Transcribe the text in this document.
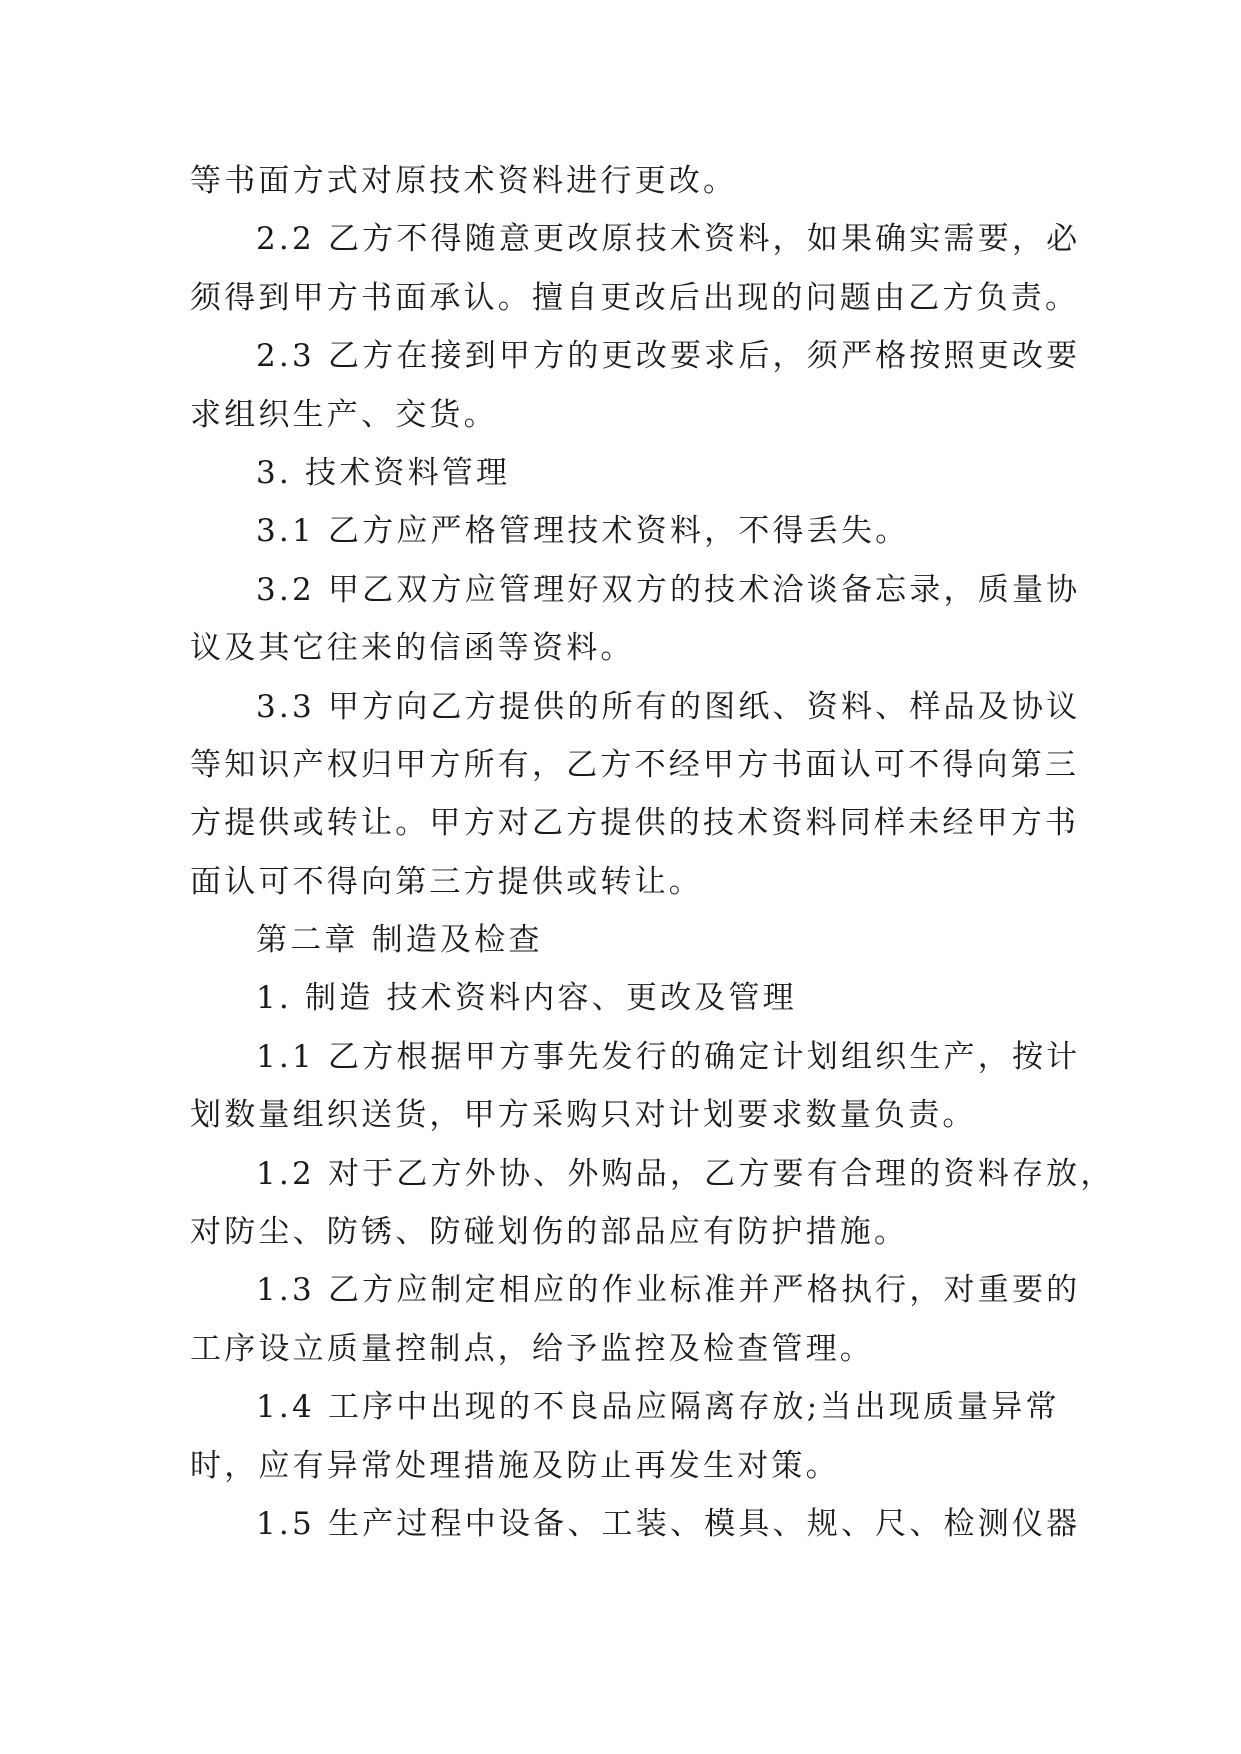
等书面方式对原技术资料进行更改。
2.2 乙方不得随意更改原技术资料，如果确实需要，必
须得到甲方书面承认。擅自更改后出现的问题由乙方负责。
2.3 乙方在接到甲方的更改要求后，须严格按照更改要
求组织生产、交货。
3. 技术资料管理
3.1 乙方应严格管理技术资料，不得丢失。
3.2 甲乙双方应管理好双方的技术洽谈备忘录，质量协
议及其它往来的信函等资料。
3.3 甲方向乙方提供的所有的图纸、资料、样品及协议
等知识产权归甲方所有，乙方不经甲方书面认可不得向第三
方提供或转让。甲方对乙方提供的技术资料同样未经甲方书
面认可不得向第三方提供或转让。
第二章 制造及检查
1. 制造 技术资料内容、更改及管理
1.1 乙方根据甲方事先发行的确定计划组织生产，按计
划数量组织送货，甲方采购只对计划要求数量负责。
1.2 对于乙方外协、外购品，乙方要有合理的资料存放，
对防尘、防锈、防碰划伤的部品应有防护措施。
1.3 乙方应制定相应的作业标准并严格执行，对重要的
工序设立质量控制点，给予监控及检查管理。
1.4 工序中出现的不良品应隔离存放;当出现质量异常
时，应有异常处理措施及防止再发生对策。
1.5 生产过程中设备、工装、模具、规、尺、检测仪器
